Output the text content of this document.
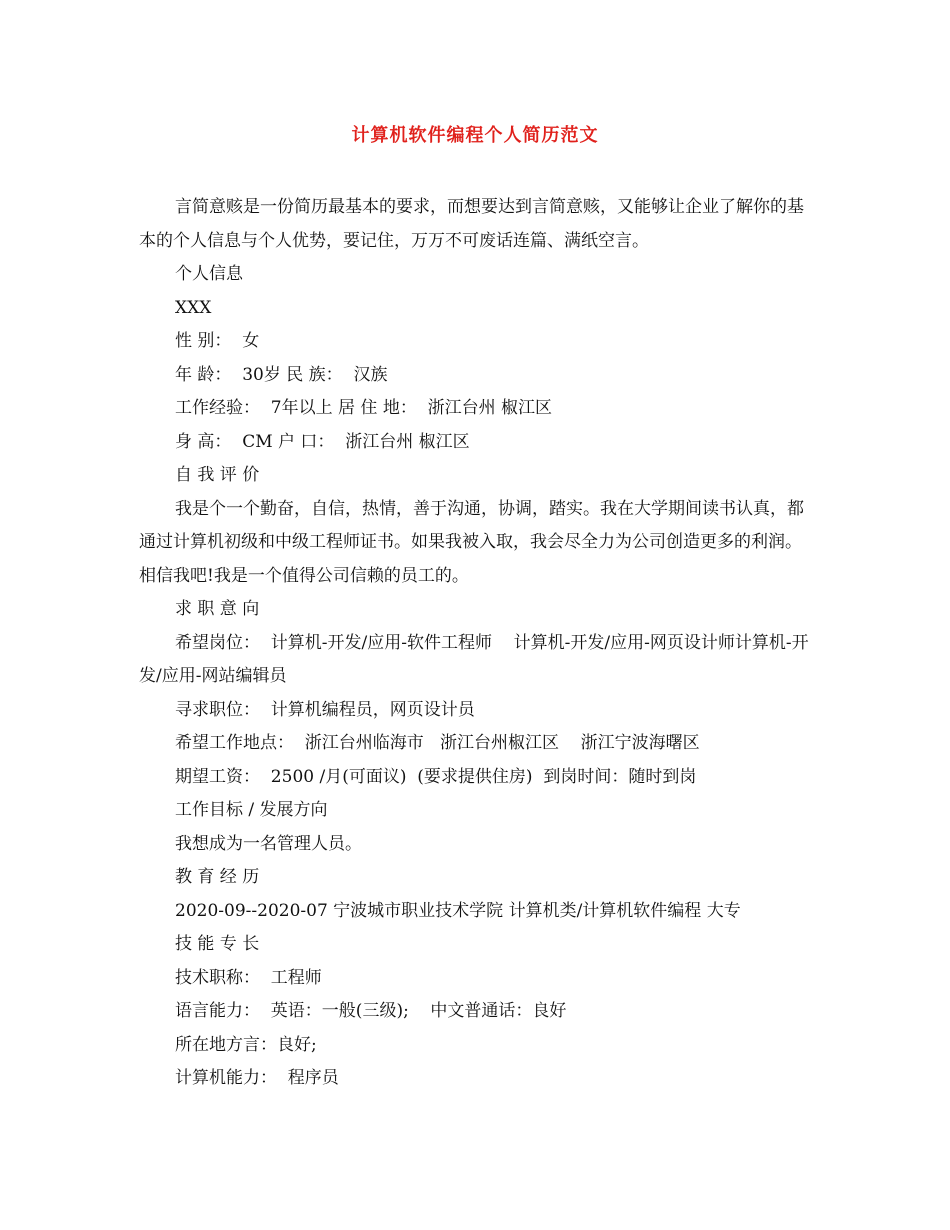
计算机软件编程个人简历范文

言简意赅是一份简历最基本的要求，而想要达到言简意赅，又能够让企业了解你的基本的个人信息与个人优势，要记住，万万不可废话连篇、满纸空言。

个人信息

XXX

性 别：  女

年 龄：  30岁 民 族：  汉族

工作经验：  7年以上 居 住 地：  浙江台州 椒江区

身 高：  CM 户 口：  浙江台州 椒江区

自 我 评 价

我是个一个勤奋，自信，热情，善于沟通，协调，踏实。我在大学期间读书认真，都通过计算机初级和中级工程师证书。如果我被入取，我会尽全力为公司创造更多的利润。相信我吧!我是一个值得公司信赖的员工的。

求 职 意 向

希望岗位：  计算机-开发/应用-软件工程师    计算机-开发/应用-网页设计师计算机-开发/应用-网站编辑员

寻求职位：  计算机编程员，网页设计员

希望工作地点：  浙江台州临海市   浙江台州椒江区    浙江宁波海曙区

期望工资：  2500 /月(可面议)  (要求提供住房)  到岗时间：随时到岗

工作目标 / 发展方向

我想成为一名管理人员。

教 育 经 历

2020-09--2020-07 宁波城市职业技术学院 计算机类/计算机软件编程 大专

技 能 专 长

技术职称：  工程师

语言能力：  英语：一般(三级);    中文普通话：良好

所在地方言：良好;

计算机能力：  程序员
